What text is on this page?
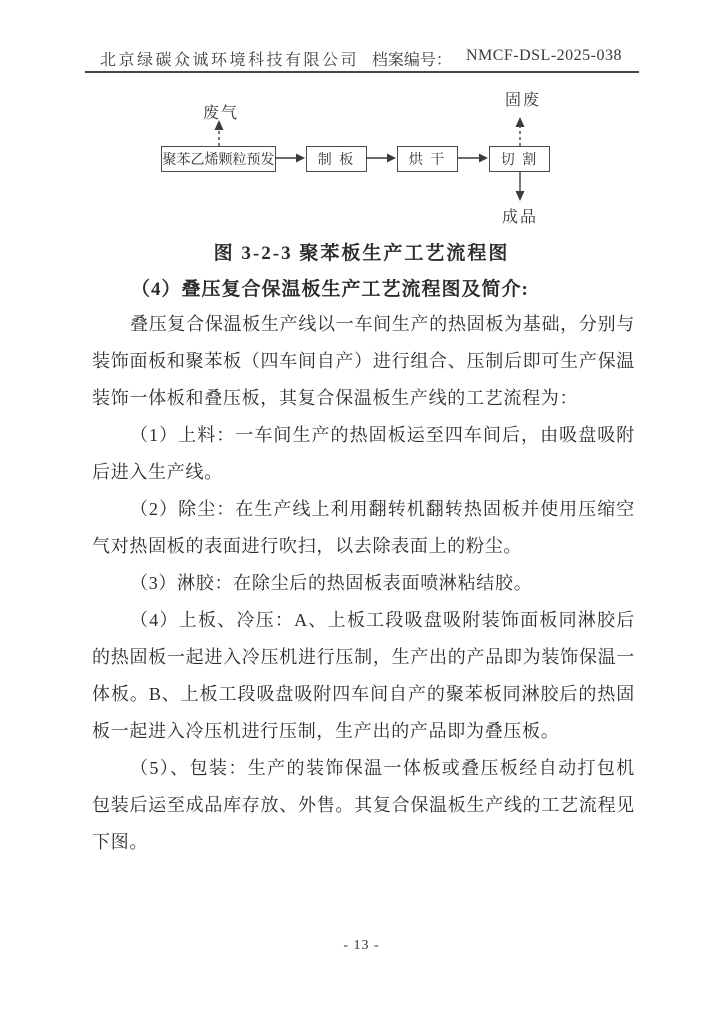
北京绿碳众诚环境科技有限公司 档案编号： NMCF-DSL-2025-038
废气
固废
成品
聚苯乙烯颗粒预发	制 板	烘 干	切 割
图 3-2-3 聚苯板生产工艺流程图
（4）叠压复合保温板生产工艺流程图及简介:

叠压复合保温板生产线以一车间生产的热固板为基础，分别与装饰面板和聚苯板（四车间自产）进行组合、压制后即可生产保温装饰一体板和叠压板，其复合保温板生产线的工艺流程为：

（1）上料：一车间生产的热固板运至四车间后，由吸盘吸附后进入生产线。

（2）除尘：在生产线上利用翻转机翻转热固板并使用压缩空气对热固板的表面进行吹扫，以去除表面上的粉尘。

（3）淋胶：在除尘后的热固板表面喷淋粘结胶。

（4）上板、冷压：A、上板工段吸盘吸附装饰面板同淋胶后的热固板一起进入冷压机进行压制，生产出的产品即为装饰保温一体板。B、上板工段吸盘吸附四车间自产的聚苯板同淋胶后的热固板一起进入冷压机进行压制，生产出的产品即为叠压板。

（5）、包装：生产的装饰保温一体板或叠压板经自动打包机包装后运至成品库存放、外售。其复合保温板生产线的工艺流程见下图。

- 13 -
